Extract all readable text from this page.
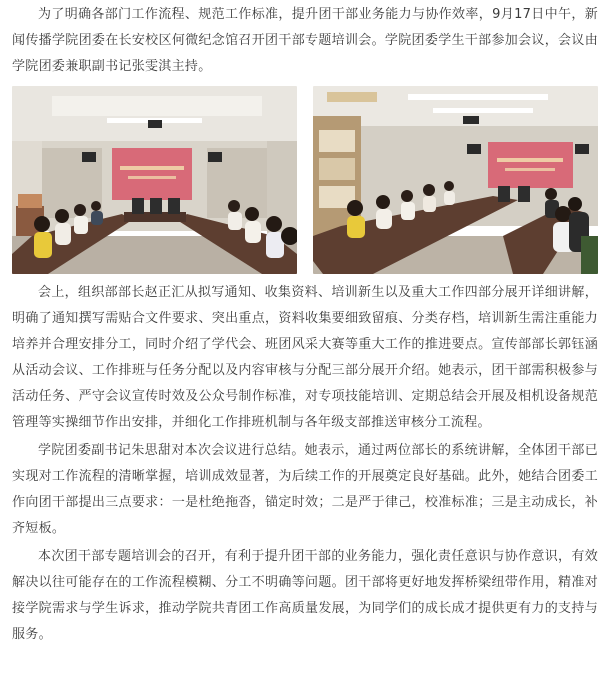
为了明确各部门工作流程、规范工作标准，提升团干部业务能力与协作效率，9月17日中午，新闻传播学院团委在长安校区何微纪念馆召开团干部专题培训会。学院团委学生干部参加会议，会议由学院团委兼职副书记张雯淇主持。

会上，组织部部长赵正汇从拟写通知、收集资料、培训新生以及重大工作四部分展开详细讲解，明确了通知撰写需贴合文件要求、突出重点，资料收集要细致留痕、分类存档，培训新生需注重能力培养并合理安排分工，同时介绍了学代会、班团风采大赛等重大工作的推进要点。宣传部部长郭钰涵从活动会议、工作排班与任务分配以及内容审核与分配三部分展开介绍。她表示，团干部需积极参与活动任务、严守会议宣传时效及公众号制作标准，对专项技能培训、定期总结会开展及相机设备规范管理等实操细节作出安排，并细化工作排班机制与各年级支部推送审核分工流程。

学院团委副书记朱思甜对本次会议进行总结。她表示，通过两位部长的系统讲解，全体团干部已实现对工作流程的清晰掌握，培训成效显著，为后续工作的开展奠定良好基础。此外，她结合团委工作向团干部提出三点要求：一是杜绝拖沓，锚定时效；二是严于律己，校准标准；三是主动成长，补齐短板。

本次团干部专题培训会的召开，有利于提升团干部的业务能力，强化责任意识与协作意识，有效解决以往可能存在的工作流程模糊、分工不明确等问题。团干部将更好地发挥桥梁纽带作用，精准对接学院需求与学生诉求，推动学院共青团工作高质量发展，为同学们的成长成才提供更有力的支持与服务。
